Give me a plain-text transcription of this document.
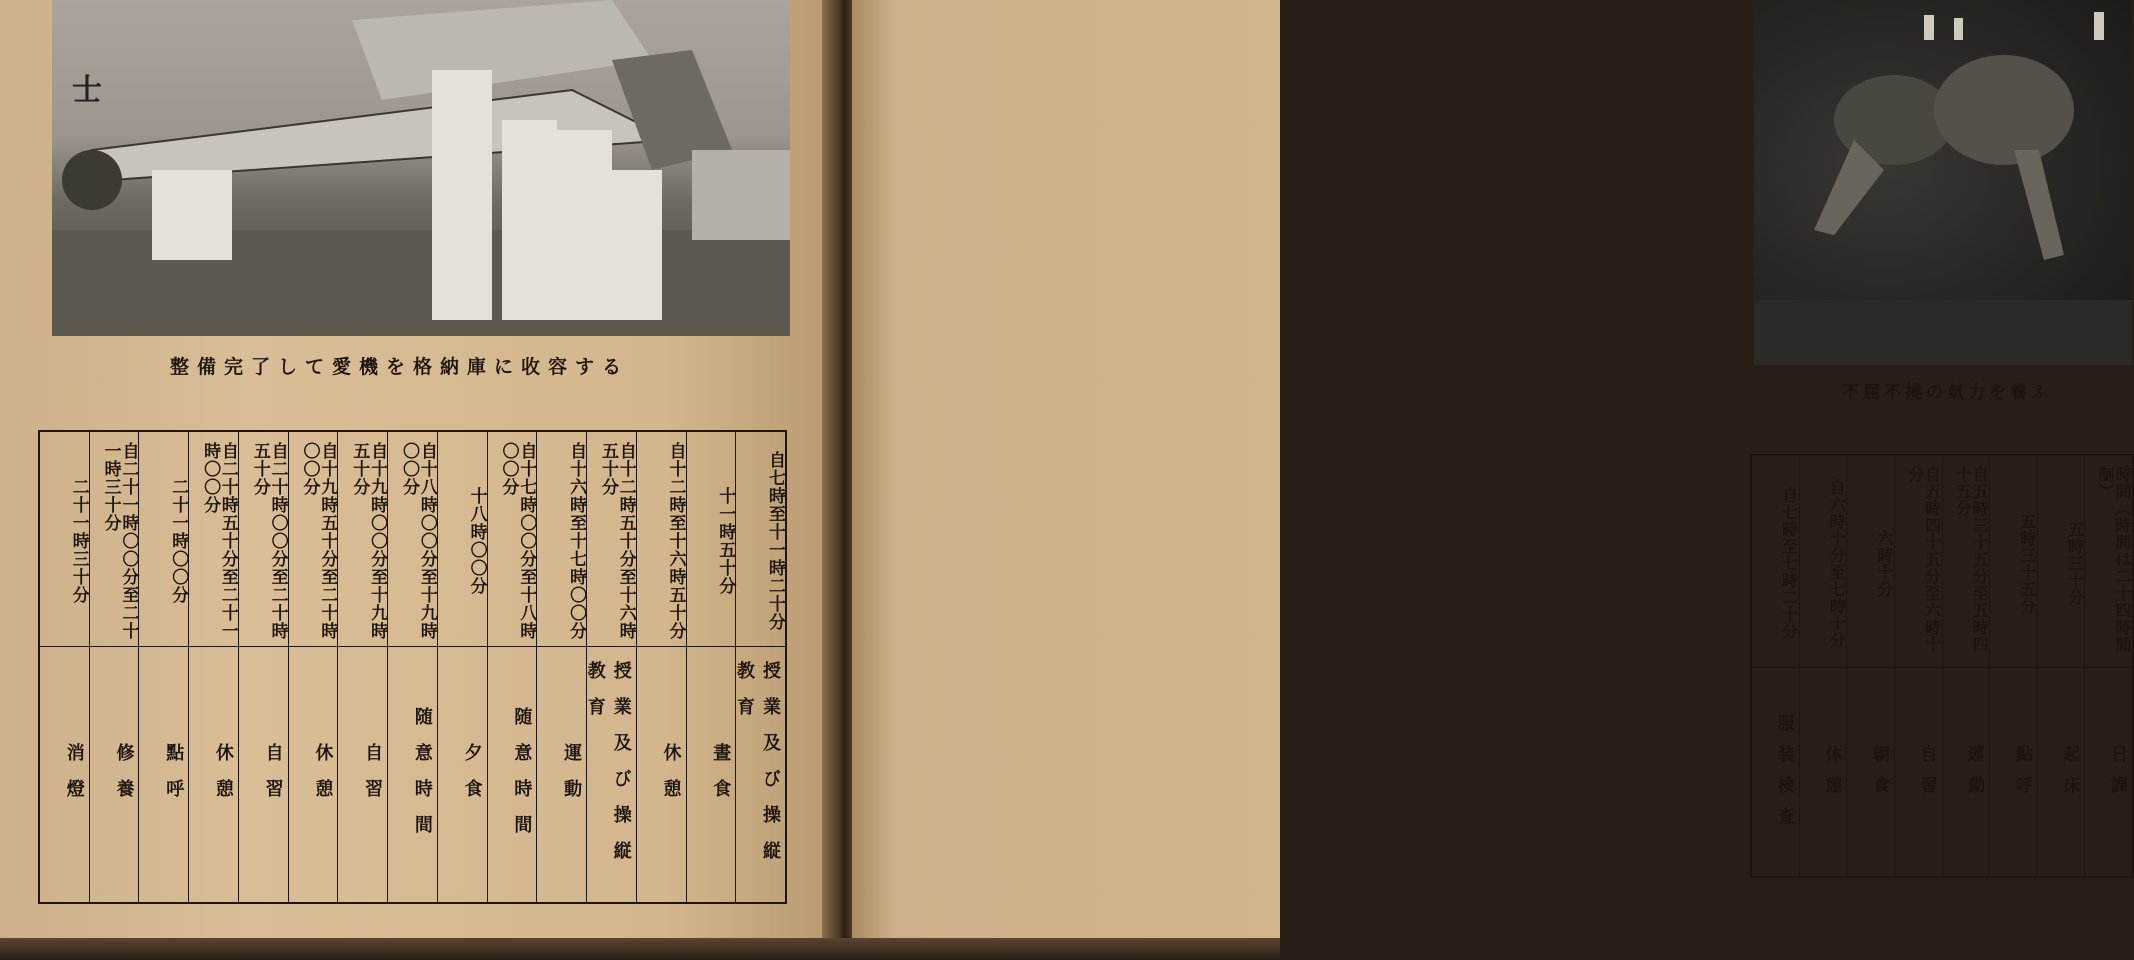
士
整備完了して愛機を格納庫に收容する
自七時至十一時二十分
授業及び操縦教育
十一時五十分
晝食
自十二時至十六時五十分
休憩
自十二時五十分至十六時五十分
授業及び操縦教育
自十六時至十七時〇〇分
運動
自十七時〇〇分至十八時〇〇分
随意時間
十八時〇〇分
夕食
自十八時〇〇分至十九時〇〇分
随意時間
自十九時〇〇分至十九時五十分
自習
自十九時五十分至二十時〇〇分
休憩
自二十時〇〇分至二十時五十分
自習
自二十時五十分至二十一時〇〇分
休憩
二十一時〇〇分
點呼
自二十一時〇〇分至二十一時三十分
修養
二十一時三十分
消燈
不屈不撓の氣力を養ふ
時間（時間は二十四時間制）
日課
五時三十分
起床
五時三十五分
點呼
自五時三十五分至五時四十五分
運動
自五時四十五分至六時十分
自習
六時十分
朝食
自六時十分至七時十分
休憩
自七時至七時二十分
服装検査
